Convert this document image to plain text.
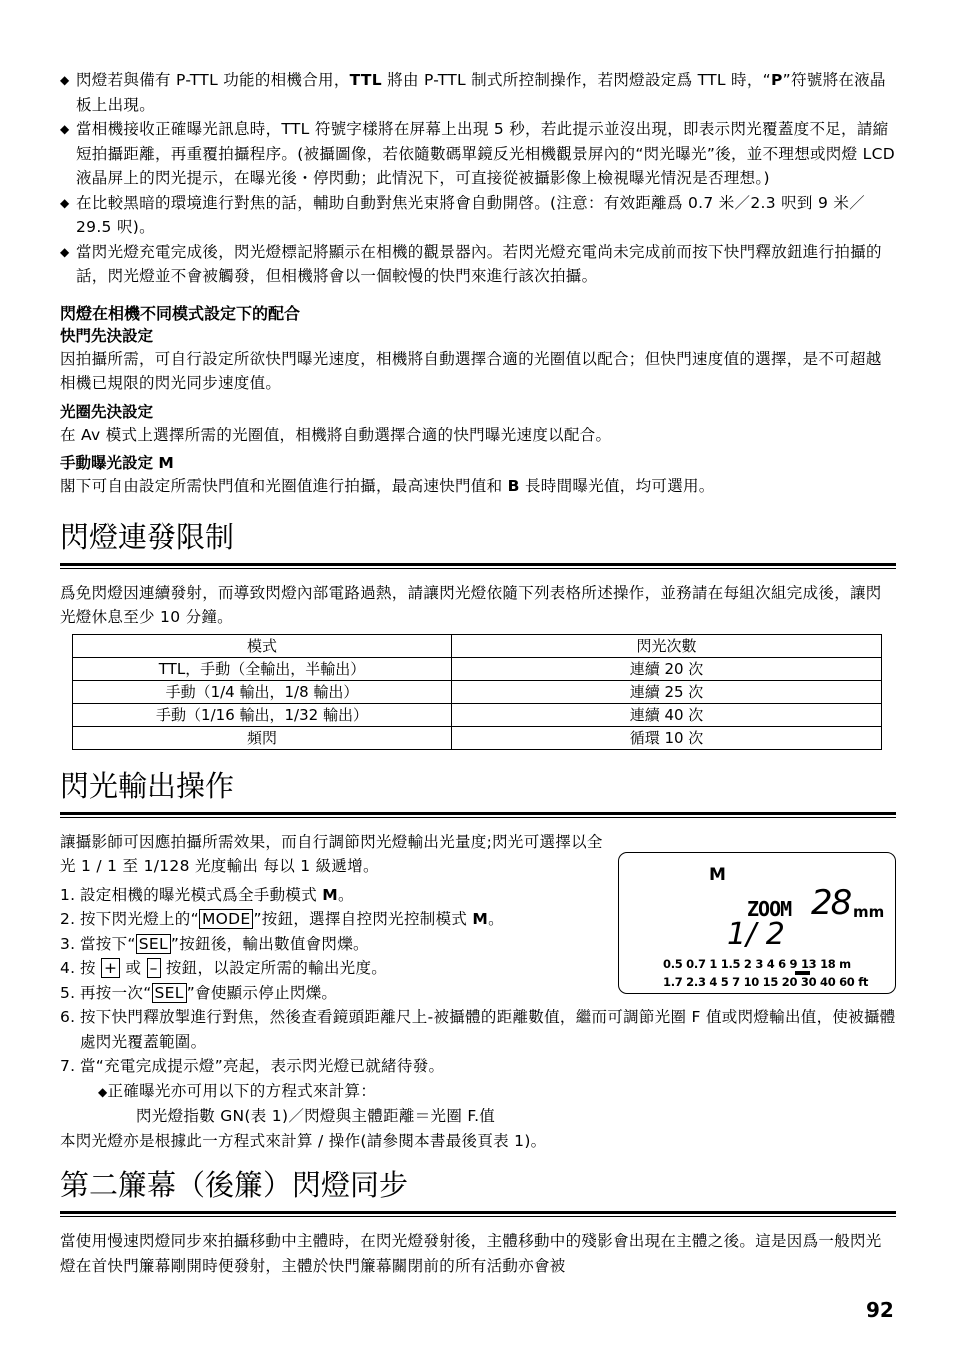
◆ 閃燈若與備有 P-TTL 功能的相機合用，TTL 將由 P-TTL 制式所控制操作，若閃燈設定爲 TTL 時，“P”符號將在液晶板上出現。
◆ 當相機接收正確曝光訊息時，TTL 符號字樣將在屏幕上出現 5 秒，若此提示並沒出現，即表示閃光覆蓋度不足，請縮短拍攝距離，再重覆拍攝程序。(被攝圖像，若依隨數碼單鏡反光相機觀景屏內的“閃光曝光”後，並不理想或閃燈 LCD 液晶屏上的閃光提示，在曝光後・停閃動；此情況下，可直接從被攝影像上檢視曝光情況是否理想。)
◆ 在比較黑暗的環境進行對焦的話，輔助自動對焦光束將會自動開啓。(注意：有效距離爲 0.7 米／2.3 呎到 9 米／29.5 呎)。
◆ 當閃光燈充電完成後，閃光燈標記將顯示在相機的觀景器內。若閃光燈充電尚未完成前而按下快門釋放鈕進行拍攝的話，閃光燈並不會被觸發，但相機將會以一個較慢的快門來進行該次拍攝。

閃燈在相機不同模式設定下的配合

快門先決設定

因拍攝所需，可自行設定所欲快門曝光速度，相機將自動選擇合適的光圈值以配合；但快門速度值的選擇，是不可超越相機已規限的閃光同步速度值。

光圈先決設定

在 Av 模式上選擇所需的光圈值，相機將自動選擇合適的快門曝光速度以配合。

手動曝光設定 M

閣下可自由設定所需快門值和光圈值進行拍攝，最高速快門值和 B 長時間曝光值，均可選用。

閃燈連發限制

爲免閃燈因連續發射，而導致閃燈內部電路過熱，請讓閃光燈依隨下列表格所述操作，並務請在每組次組完成後，讓閃光燈休息至少 10 分鐘。

模式	閃光次數
TTL，手動（全輸出，半輸出）	連續 20 次
手動（1/4 輸出，1/8 輸出）	連續 25 次
手動（1/16 輸出，1/32 輸出）	連續 40 次
頻閃	循環 10 次
閃光輸出操作

讓攝影師可因應拍攝所需效果，而自行調節閃光燈輸出光量度;閃光可選擇以全光 1 / 1 至 1/128 光度輸出 每以 1 級遞增。

1. 設定相機的曝光模式爲全手動模式 M。
2. 按下閃光燈上的“ MODE ”按鈕，選擇自控閃光控制模式 M。
3. 當按下“ SEL ”按鈕後，輸出數值會閃爍。
4. 按 + 或 – 按鈕，以設定所需的輸出光度。
5. 再按一次“ SEL ”會使顯示停止閃爍。
6. 按下快門釋放掣進行對焦，然後查看鏡頭距離尺上-被攝體的距離數值，繼而可調節光圈 F 值或閃燈輸出值，使被攝體處閃光覆蓋範圍。
7. 當“充電完成提示燈”亮起，表示閃光燈已就緒待發。
◆正確曝光亦可用以下的方程式來計算：
閃光燈指數 GN(表 1)／閃燈與主體距離＝光圈 F.值
本閃光燈亦是根據此一方程式來計算 / 操作(請參閱本書最後頁表 1)。
第二簾幕（後簾）閃燈同步

當使用慢速閃燈同步來拍攝移動中主體時，在閃光燈發射後，主體移動中的殘影會出現在主體之後。這是因爲一般閃光燈在首快門簾幕剛開時便發射，主體於快門簾幕關閉前的所有活動亦會被

M
ZOOM 28 mm
1/ 2
0.5 0.7 1 1.5 2 3 4 6 9 13 18 m
1.7 2.3 4 5 7 10 15 20 30 40 60 ft
92
